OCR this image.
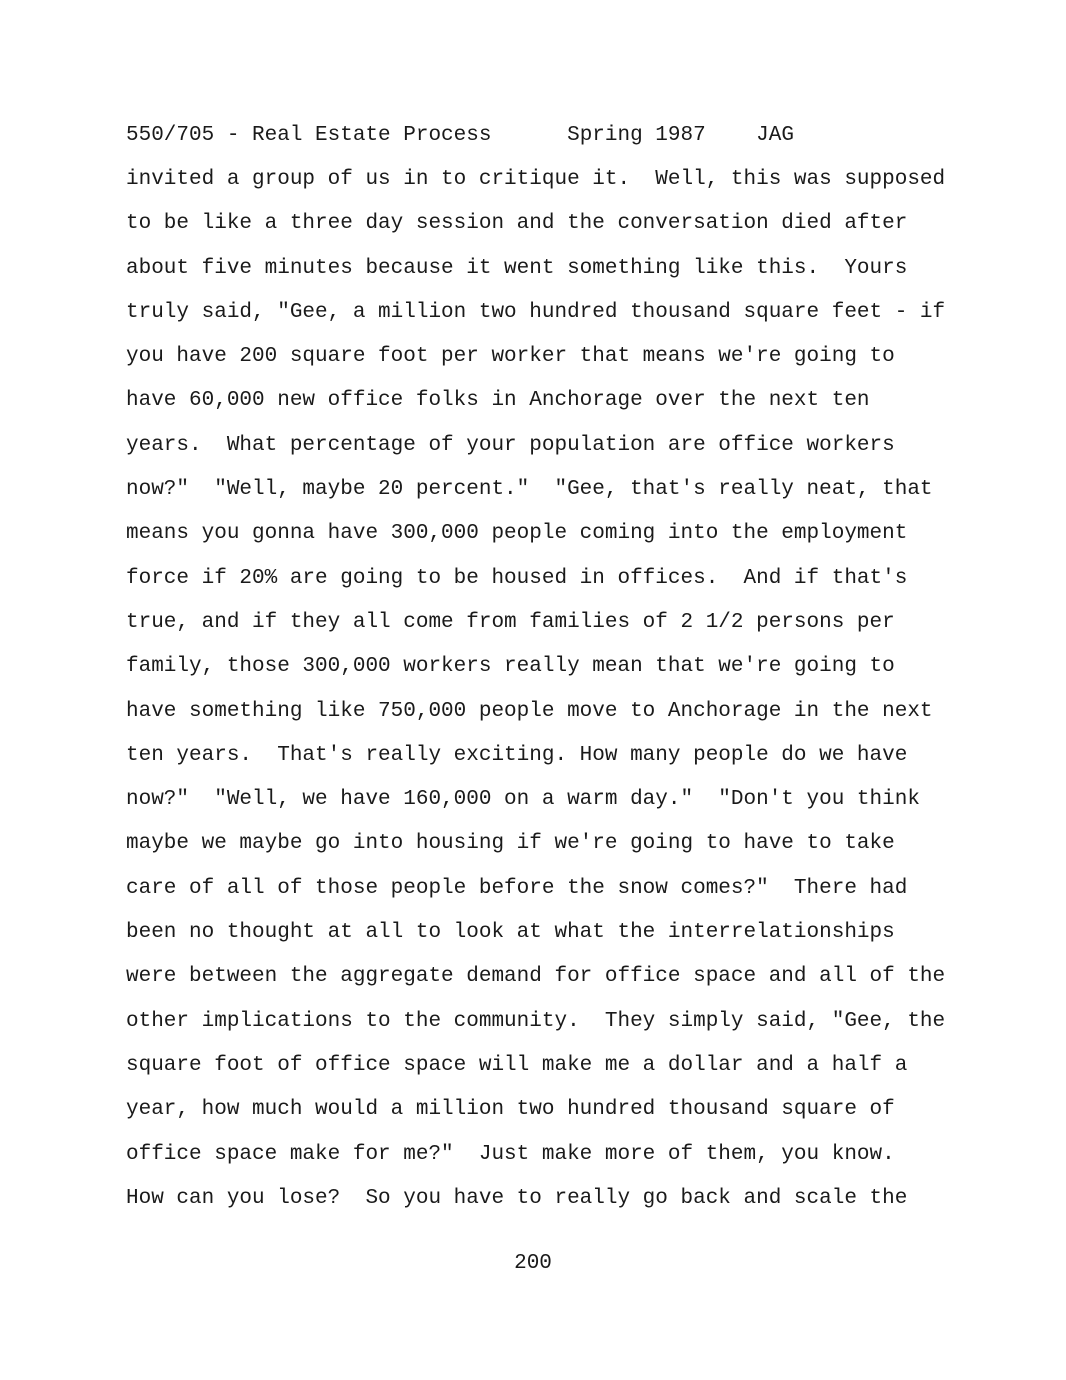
550/705 - Real Estate Process	Spring 1987 JAG
invited a group of us in to critique it.  Well, this was supposed
to be like a three day session and the conversation died after
about five minutes because it went something like this.  Yours
truly said, "Gee, a million two hundred thousand square feet - if
you have 200 square foot per worker that means we're going to
have 60,000 new office folks in Anchorage over the next ten
years.  What percentage of your population are office workers
now?"  "Well, maybe 20 percent."  "Gee, that's really neat, that
means you gonna have 300,000 people coming into the employment
force if 20% are going to be housed in offices.  And if that's
true, and if they all come from families of 2 1/2 persons per
family, those 300,000 workers really mean that we're going to
have something like 750,000 people move to Anchorage in the next
ten years.  That's really exciting. How many people do we have
now?"  "Well, we have 160,000 on a warm day."  "Don't you think
maybe we maybe go into housing if we're going to have to take
care of all of those people before the snow comes?"  There had
been no thought at all to look at what the interrelationships
were between the aggregate demand for office space and all of the
other implications to the community.  They simply said, "Gee, the
square foot of office space will make me a dollar and a half a
year, how much would a million two hundred thousand square of
office space make for me?"  Just make more of them, you know.
How can you lose?  So you have to really go back and scale the
200
